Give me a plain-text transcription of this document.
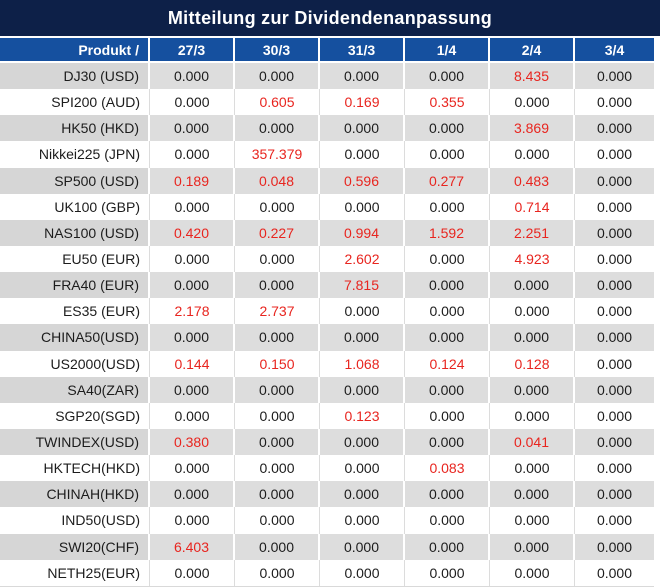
Mitteilung zur Dividendenanpassung
Produkt /	27/3	30/3	31/3	1/4	2/4	3/4
DJ30 (USD)	0.000	0.000	0.000	0.000	8.435	0.000
SPI200 (AUD)	0.000	0.605	0.169	0.355	0.000	0.000
HK50 (HKD)	0.000	0.000	0.000	0.000	3.869	0.000
Nikkei225 (JPN)	0.000	357.379	0.000	0.000	0.000	0.000
SP500 (USD)	0.189	0.048	0.596	0.277	0.483	0.000
UK100 (GBP)	0.000	0.000	0.000	0.000	0.714	0.000
NAS100 (USD)	0.420	0.227	0.994	1.592	2.251	0.000
EU50 (EUR)	0.000	0.000	2.602	0.000	4.923	0.000
FRA40 (EUR)	0.000	0.000	7.815	0.000	0.000	0.000
ES35 (EUR)	2.178	2.737	0.000	0.000	0.000	0.000
CHINA50(USD)	0.000	0.000	0.000	0.000	0.000	0.000
US2000(USD)	0.144	0.150	1.068	0.124	0.128	0.000
SA40(ZAR)	0.000	0.000	0.000	0.000	0.000	0.000
SGP20(SGD)	0.000	0.000	0.123	0.000	0.000	0.000
TWINDEX(USD)	0.380	0.000	0.000	0.000	0.041	0.000
HKTECH(HKD)	0.000	0.000	0.000	0.083	0.000	0.000
CHINAH(HKD)	0.000	0.000	0.000	0.000	0.000	0.000
IND50(USD)	0.000	0.000	0.000	0.000	0.000	0.000
SWI20(CHF)	6.403	0.000	0.000	0.000	0.000	0.000
NETH25(EUR)	0.000	0.000	0.000	0.000	0.000	0.000
